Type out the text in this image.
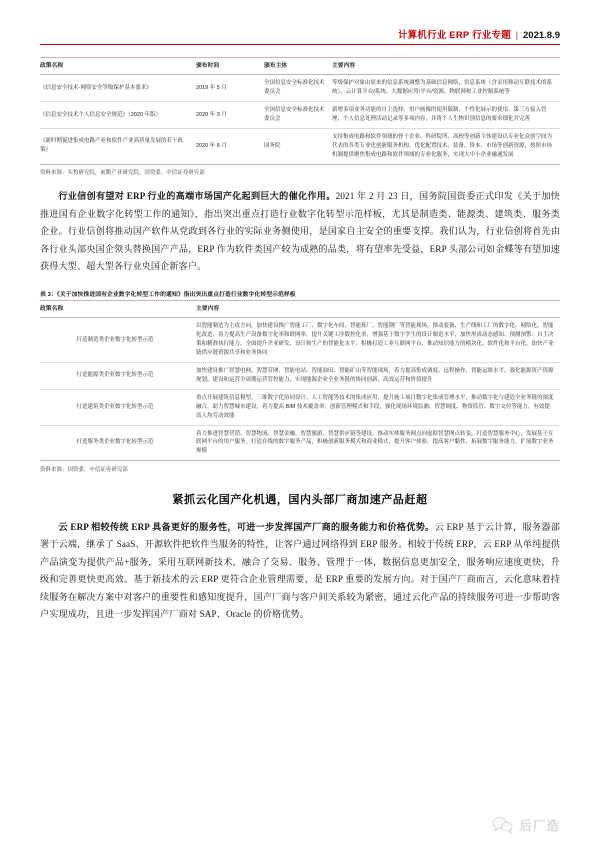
计算机行业 ERP 行业专题 | 2021.8.9
政策名称	颁布时间	颁布主体	主要内容
《信息安全技术-网络安全等级保护基本要求》	2019 年 5 月	全国信息安全标准化技术委员会	等级保护对象由原来的信息系统调整为基础信息网络、信息系统（含采用移动互联技术的系统）、云计算平台/系统、大数据应用/平台/资源、物联网和工业控制系统等
《信息安全技术个人信息安全规范》（2020 年版）	2020 年 3 月	全国信息安全标准化技术委员会	新增多项业务功能的自主选择、用户画像的使用限制、个性化展示的使用、第三方接入管理、个人信息处理活动记录等多项内容，并将个人生物识别信息的要求细化并完善
《新时期促进集成电路产业和软件产业高质量发展的若干政策》	2020 年 8 月	国务院	支持集成电路和软件领域的骨干企业、科研院所、高校等创新主体建设以专业化众创空间为代表的各类专业化创新服务机构，优化配置技术、装备、资本、市场等创新资源，按照市场机制提供聚焦集成电路和软件领域的专业化服务，实现大中小企业融通发展

资料来源：头豹研究院，前瞻产业研究院，国资委，中信证券研究部

行业信创有望对 ERP 行业的高端市场国产化起到巨大的催化作用。2021 年 2 月 23 日，国务院国资委正式印发《关于加快推进国有企业数字化转型工作的通知》，指出突出重点打造行业数字化转型示范样板，尤其是制造类、能源类、建筑类、服务类企业。行业信创将推动国产软件从党政到各行业的实际业务侧使用，是国家自主安全的重要支撑。我们认为，行业信创将首先由各行业头部央国企领头替换国产产品，ERP 作为软件类国产较为成熟的品类，将有望率先受益，ERP 头部公司如金蝶等有望加速获得大型、超大型各行业央国企新客户。

表 3：《关于加快推进国有企业数字化转型工作的通知》指出突出重点打造行业数字化转型示范样板
政策名称	主要内容
打造制造类企业数字化转型示范	以智能制造为主攻方向，加快建设推广智能工厂、数字化车间、智能炼厂、智能钢厂等智能现场，推动装备、生产线和工厂的数字化、网络化、智能化改造，着力提高生产设备数字化率和联网率，提升关键工序数控化率，增强基于数字孪生的设计制造水平，加快形成动态感知、预测预警、自主决策和精准执行能力，全面提升企业研发、设计和生产的智能化水平。积极打造工业互联网平台，推动知识能力的模块化、软件化和平台化，加快产业链供应链资源共享和业务协同
打造能源类企业数字化转型示范	加快建设推广智慧电网、智慧管网、智能电站、智能油田、智能矿山等智能现场，着力提高集成调度、远程操作、智能运维水平，强化能源资产资源规划、建设和运营全周期运营管控能力，实现能源企业全业务链的协同创新、高效运营和价值提升
打造建筑类企业数字化转型示范	重点开展建筑信息模型、三维数字化协同设计、人工智能等技术的集成应用，提升施工项目数字化集成管理水平，推动数字化与建造全业务链的深度融合，助力智慧城市建设，着力提高 BIM 技术覆盖率，创新管理模式和手段，强化现场环境监测、智慧调度、物资监管、数字交付等能力，有效提高人均劳动效能
打造服务类企业数字化转型示范	着力推进智慧营销、智慧物流、智慧金融、智慧旅游、智慧供应链等建设，推动实体服务网点向虚拟智慧网点转变，打造智慧服务中心，发展基于互联网平台的用户服务，打造在线的数字服务产品，积极创新服务模式和商业模式，提升客户体验，提高客户黏性，拓展数字服务能力，扩展数字业务规模

资料来源：国资委，中信证券研究部

紧抓云化国产化机遇，国内头部厂商加速产品赶超

云 ERP 相较传统 ERP 具备更好的服务性，可进一步发挥国产厂商的服务能力和价格优势。云 ERP 基于云计算，服务器部署于云端，继承了 SaaS、开源软件把软件当服务的特性，让客户通过网络得到 ERP 服务。相较于传统 ERP，云 ERP 从单纯提供产品演变为提供产品+服务，采用互联网新技术，融合了交易、服务、管理于一体，数据信息更加安全，服务响应速度更快，升级和完善更快更高效。基于新技术的云 ERP 更符合企业管理需要，是 ERP 重要的发展方向。对于国产厂商而言，云化意味着持续服务在解决方案中对客户的重要性和感知度提升，国产厂商与客户间关系较为紧密，通过云化产品的持续服务可进一步帮助客户实现成功，且进一步发挥国产厂商对 SAP、Oracle 的价格优势。

后厂造
